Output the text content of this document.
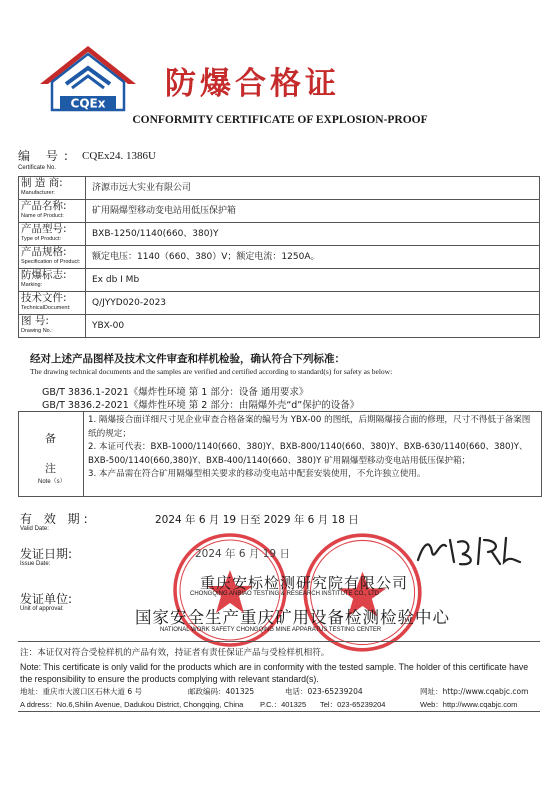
CQEx
防爆合格证
CONFORMITY CERTIFICATE OF EXPLOSION-PROOF
编 号:
Certificate No.
CQEx24. 1386U
制 造 商:
Manufacturer:	济源市远大实业有限公司

产品名称:
Name of Product:	矿用隔爆型移动变电站用低压保护箱

产品型号:
Type of Product:	BXB-1250/1140(660、380)Y

产品规格:
Specification of Product:	额定电压：1140（660、380）V；额定电流：1250A。

防爆标志:
Marking:	Ex db I Mb

技术文件:
TechnicalDocument:	Q/JYYD020-2023

图 号:
Drawing No.:	YBX-00
经对上述产品图样及技术文件审查和样机检验，确认符合下列标准：
The drawing technical documents and the samples are verified and certified according to standard(s) for safety as below:
GB/T 3836.1-2021《爆炸性环境 第 1 部分：设备 通用要求》
GB/T 3836.2-2021《爆炸性环境 第 2 部分：由隔爆外壳“d”保护的设备》
备
注
Note（s）

1. 隔爆接合面详细尺寸见企业审查合格备案的编号为 YBX-00 的图纸，后期隔爆接合面的修理，尺寸不得低于备案图纸的规定；

2. 本证可代表：BXB-1000/1140(660、380)Y、BXB-800/1140(660、380)Y、BXB-630/1140(660、380)Y、BXB-500/1140(660,380)Y、BXB-400/1140(660、380)Y 矿用隔爆型移动变电站用低压保护箱；

3. 本产品需在符合矿用隔爆型相关要求的移动变电站中配套安装使用，不允许独立使用。

有 效 期:
Valid Date:
2024 年 6 月 19 日至 2029 年 6 月 18 日
发证日期:
Issue Date:
2024 年 6 月 19 日
发证单位:
Unit of approval:
重庆安标检测研究院有限公司
CHONGQING ANBIAO TESTING & RESEARCH INSTITUTE CO., LTD
国家安全生产重庆矿用设备检测检验中心
NATIONAL WORK SAFETY CHONGQING MINE APPARATUS TESTING CENTER
注：本证仅对符合受检样机的产品有效，持证者有责任保证产品与受检样机相符。
Note: This certificate is only valid for the products which are in conformity with the tested sample. The holder of this certificate have the responsibility to ensure the products complying with relevant standard(s).
地址：重庆市大渡口区石林大道 6 号	邮政编码：401325	电话：023-65239204	网址：http://www.cqabjc.com
A ddress：No.6,Shilin Avenue, Dadukou District, Chongqing, China P.C.：401325 Tel：023-65239204	Web：http://www.cqabjc.com
